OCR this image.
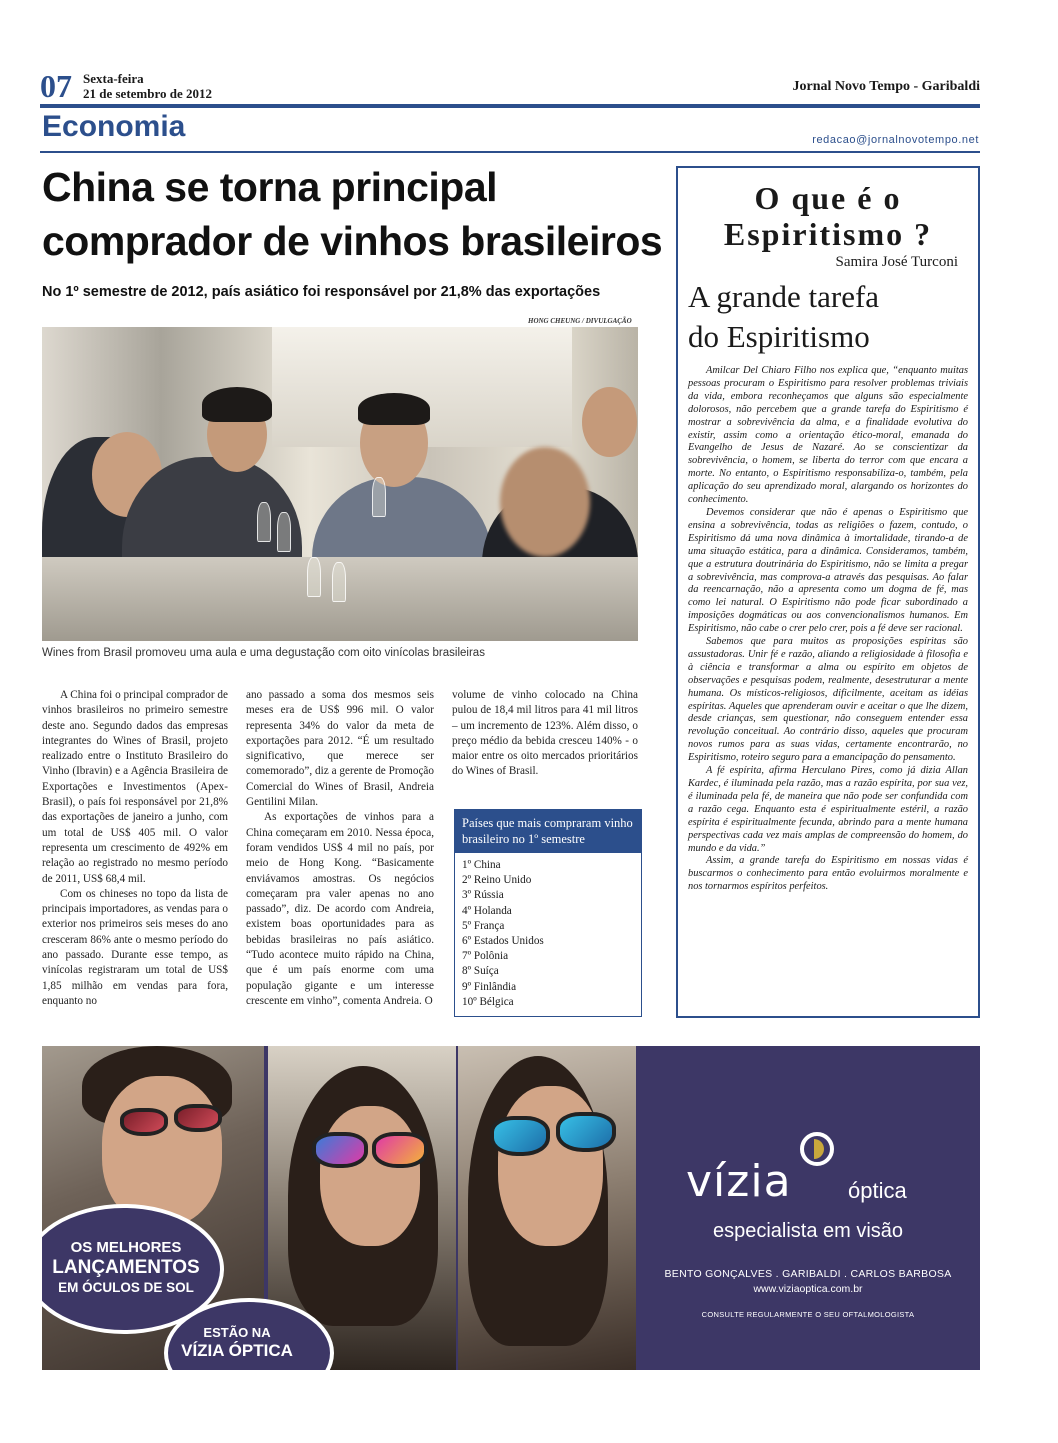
07 Sexta-feira
21 de setembro de 2012	Jornal Novo Tempo - Garibaldi
Economia	redacao@jornalnovotempo.net
China se torna principal comprador de vinhos brasileiros
No 1º semestre de 2012, país asiático foi responsável por 21,8% das exportações
HONG CHEUNG / DIVULGAÇÃO
Wines from Brasil promoveu uma aula e uma degustação com oito vinícolas brasileiras

A China foi o principal comprador de vinhos brasileiros no primeiro semestre deste ano. Segundo dados das empresas integrantes do Wines of Brasil, projeto realizado entre o Instituto Brasileiro do Vinho (Ibravin) e a Agência Brasileira de Exportações e Investimentos (Apex-Brasil), o país foi responsável por 21,8% das exportações de janeiro a junho, com um total de US$ 405 mil. O valor representa um crescimento de 492% em relação ao registrado no mesmo período de 2011, US$ 68,4 mil.

Com os chineses no topo da lista de principais importadores, as vendas para o exterior nos primeiros seis meses do ano cresceram 86% ante o mesmo período do ano passado. Durante esse tempo, as vinícolas registraram um total de US$ 1,85 milhão em vendas para fora, enquanto no

ano passado a soma dos mesmos seis meses era de US$ 996 mil. O valor representa 34% do valor da meta de exportações para 2012. “É um resultado significativo, que merece ser comemorado”, diz a gerente de Promoção Comercial do Wines of Brasil, Andreia Gentilini Milan.

As exportações de vinhos para a China começaram em 2010. Nessa época, foram vendidos US$ 4 mil no país, por meio de Hong Kong. “Basicamente enviávamos amostras. Os negócios começaram pra valer apenas no ano passado”, diz. De acordo com Andreia, existem boas oportunidades para as bebidas brasileiras no país asiático. “Tudo acontece muito rápido na China, que é um país enorme com uma população gigante e um interesse crescente em vinho”, comenta Andreia. O

volume de vinho colocado na China pulou de 18,4 mil litros para 41 mil litros – um incremento de 123%. Além disso, o preço médio da bebida cresceu 140% - o maior entre os oito mercados prioritários do Wines of Brasil.

Países que mais compraram vinho brasileiro no 1º semestre
1º China
2º Reino Unido
3º Rússia
4º Holanda
5º França
6º Estados Unidos
7º Polônia
8º Suíça
9º Finlândia
10º Bélgica
O que é o
Espiritismo ?
Samira José Turconi
A grande tarefa
do Espiritismo

Amilcar Del Chiaro Filho nos explica que, “enquanto muitas pessoas procuram o Espiritismo para resolver problemas triviais da vida, embora reconheçamos que alguns são especialmente dolorosos, não percebem que a grande tarefa do Espiritismo é mostrar a sobrevivência da alma, e a finalidade evolutiva do existir, assim como a orientação ético-moral, emanada do Evangelho de Jesus de Nazaré. Ao se conscientizar da sobrevivência, o homem, se liberta do terror com que encara a morte. No entanto, o Espiritismo responsabiliza-o, também, pela aplicação do seu aprendizado moral, alargando os horizontes do conhecimento.

Devemos considerar que não é apenas o Espiritismo que ensina a sobrevivência, todas as religiões o fazem, contudo, o Espiritismo dá uma nova dinâmica à imortalidade, tirando-a de uma situação estática, para a dinâmica. Consideramos, também, que a estrutura doutrinária do Espiritismo, não se limita a pregar a sobrevivência, mas comprova-a através das pesquisas. Ao falar da reencarnação, não a apresenta como um dogma de fé, mas como lei natural. O Espiritismo não pode ficar subordinado a imposições dogmáticas ou aos convencionalismos humanos. Em Espiritismo, não cabe o crer pelo crer, pois a fé deve ser racional.

Sabemos que para muitos as proposições espíritas são assustadoras. Unir fé e razão, aliando a religiosidade à filosofia e à ciência e transformar a alma ou espírito em objetos de observações e pesquisas podem, realmente, desestruturar a mente humana. Os místicos-religiosos, dificilmente, aceitam as idéias espíritas. Aqueles que aprenderam ouvir e aceitar o que lhe dizem, desde crianças, sem questionar, não conseguem entender essa revolução conceitual. Ao contrário disso, aqueles que procuram novos rumos para as suas vidas, certamente encontrarão, no Espiritismo, roteiro seguro para a emancipação do pensamento.

A fé espírita, afirma Herculano Pires, como já dizia Allan Kardec, é iluminada pela razão, mas a razão espírita, por sua vez, é iluminada pela fé, de maneira que não pode ser confundida com a razão cega. Enquanto esta é espiritualmente estéril, a razão espírita é espiritualmente fecunda, abrindo para a mente humana perspectivas cada vez mais amplas de compreensão do homem, do mundo e da vida.”

Assim, a grande tarefa do Espiritismo em nossas vidas é buscarmos o conhecimento para então evoluirmos moralmente e nos tornarmos espíritos perfeitos.

OS MELHORES
LANÇAMENTOS
EM ÓCULOS DE SOL
ESTÃO NA
VÍZIA ÓPTICA
vízia	óptica
especialista em visão
BENTO GONÇALVES . GARIBALDI . CARLOS BARBOSA
www.viziaoptica.com.br
CONSULTE REGULARMENTE O SEU OFTALMOLOGISTA
